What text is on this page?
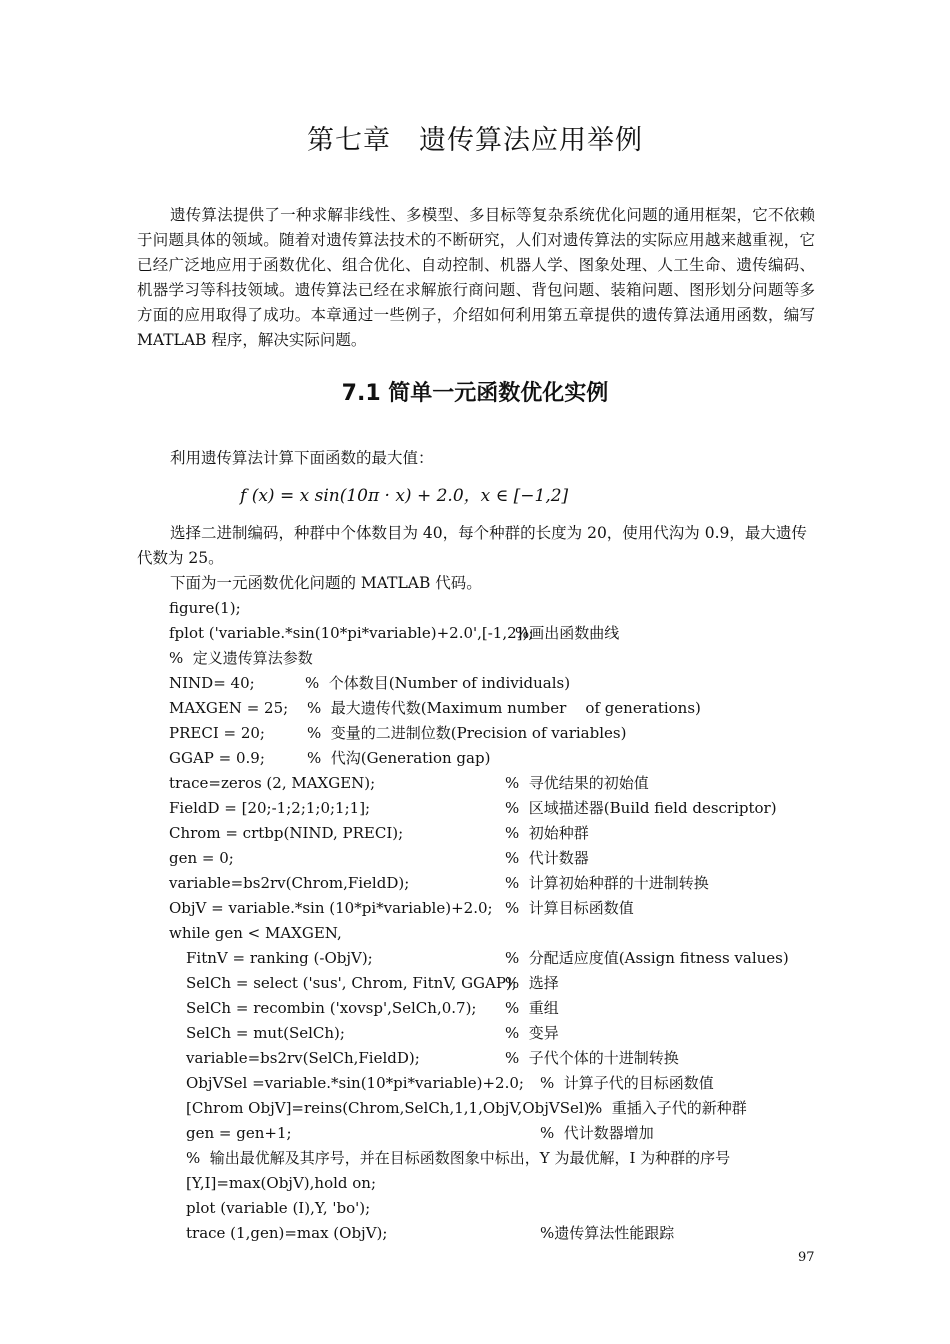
第七章　遗传算法应用举例
遗传算法提供了一种求解非线性、多模型、多目标等复杂系统优化问题的通用框架，它不依赖于问题具体的领域。随着对遗传算法技术的不断研究，人们对遗传算法的实际应用越来越重视，它已经广泛地应用于函数优化、组合优化、自动控制、机器人学、图象处理、人工生命、遗传编码、机器学习等科技领域。遗传算法已经在求解旅行商问题、背包问题、装箱问题、图形划分问题等多方面的应用取得了成功。本章通过一些例子，介绍如何利用第五章提供的遗传算法通用函数，编写 MATLAB 程序，解决实际问题。
7.1 简单一元函数优化实例
利用遗传算法计算下面函数的最大值：
f (x) = x sin(10π · x) + 2.0，x ∈ [−1,2]
选择二进制编码，种群中个体数目为 40，每个种群的长度为 20，使用代沟为 0.9，最大遗传代数为 25。
下面为一元函数优化问题的 MATLAB 代码。
figure(1);
fplot ('variable.*sin(10*pi*variable)+2.0',[-1,2]);
%画出函数曲线
%  定义遗传算法参数
NIND= 40;	%  个体数目(Number of individuals)
MAXGEN = 25; %  最大遗传代数(Maximum number    of generations)
PRECI = 20;	%  变量的二进制位数(Precision of variables)
GGAP = 0.9;	%  代沟(Generation gap)
trace=zeros (2, MAXGEN);	%  寻优结果的初始值
FieldD = [20;-1;2;1;0;1;1];	%  区域描述器(Build field descriptor)
Chrom = crtbp(NIND, PRECI);	%  初始种群
gen = 0;	%  代计数器
variable=bs2rv(Chrom,FieldD);	%  计算初始种群的十进制转换
ObjV = variable.*sin (10*pi*variable)+2.0; %  计算目标函数值
while gen < MAXGEN,
FitnV = ranking (-ObjV);	%  分配适应度值(Assign fitness values)
SelCh = select ('sus', Chrom, FitnV, GGAP);
%  选择
SelCh = recombin ('xovsp',SelCh,0.7); %  重组
SelCh = mut(SelCh);	%  变异
variable=bs2rv(SelCh,FieldD);	%  子代个体的十进制转换
ObjVSel =variable.*sin(10*pi*variable)+2.0; %  计算子代的目标函数值
[Chrom ObjV]=reins(Chrom,SelCh,1,1,ObjV,ObjVSel);
%  重插入子代的新种群
gen = gen+1;	%  代计数器增加
%  输出最优解及其序号，并在目标函数图象中标出，Y 为最优解，I 为种群的序号
[Y,I]=max(ObjV),hold on;
plot (variable (I),Y, 'bo');
trace (1,gen)=max (ObjV);	%遗传算法性能跟踪
97
